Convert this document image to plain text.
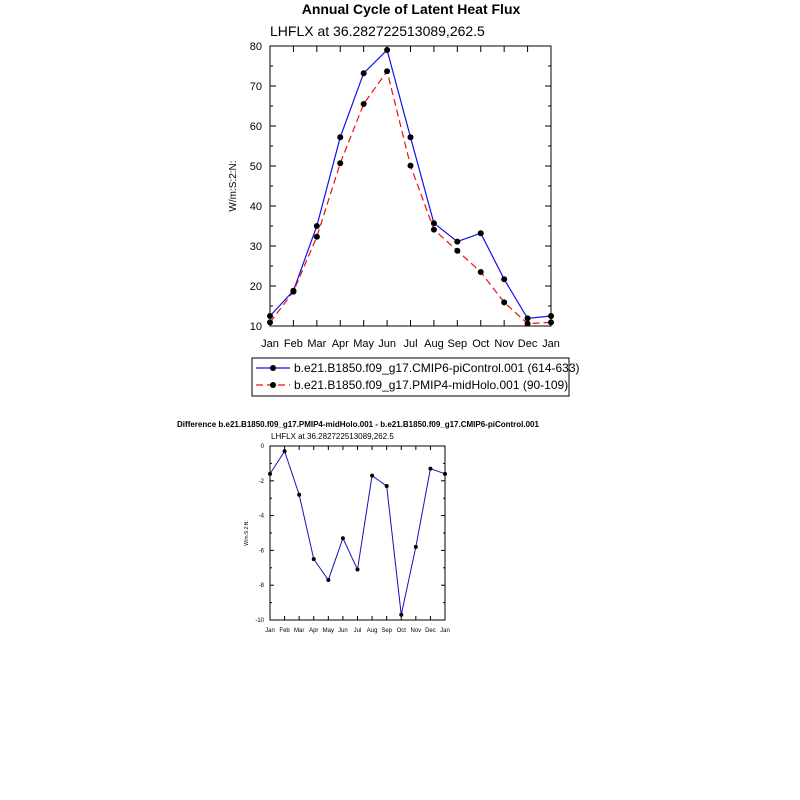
Annual Cycle of Latent Heat Flux
LHFLX at 36.282722513089,262.5
W/m:S:2:N:
Jan Feb Mar Apr May Jun Jul Aug Sep Oct Nov Dec Jan
10
20
30
40
50
60
70
80
b.e21.B1850.f09_g17.CMIP6-piControl.001 (614-633)
b.e21.B1850.f09_g17.PMIP4-midHolo.001 (90-109)
Difference b.e21.B1850.f09_g17.PMIP4-midHolo.001 - b.e21.B1850.f09_g17.CMIP6-piControl.001
LHFLX at 36.282722513089,262.5
W/m:S:2:N:
Jan Feb Mar Apr May Jun Jul Aug Sep Oct Nov Dec Jan
-10
-8
-6
-4
-2
0
